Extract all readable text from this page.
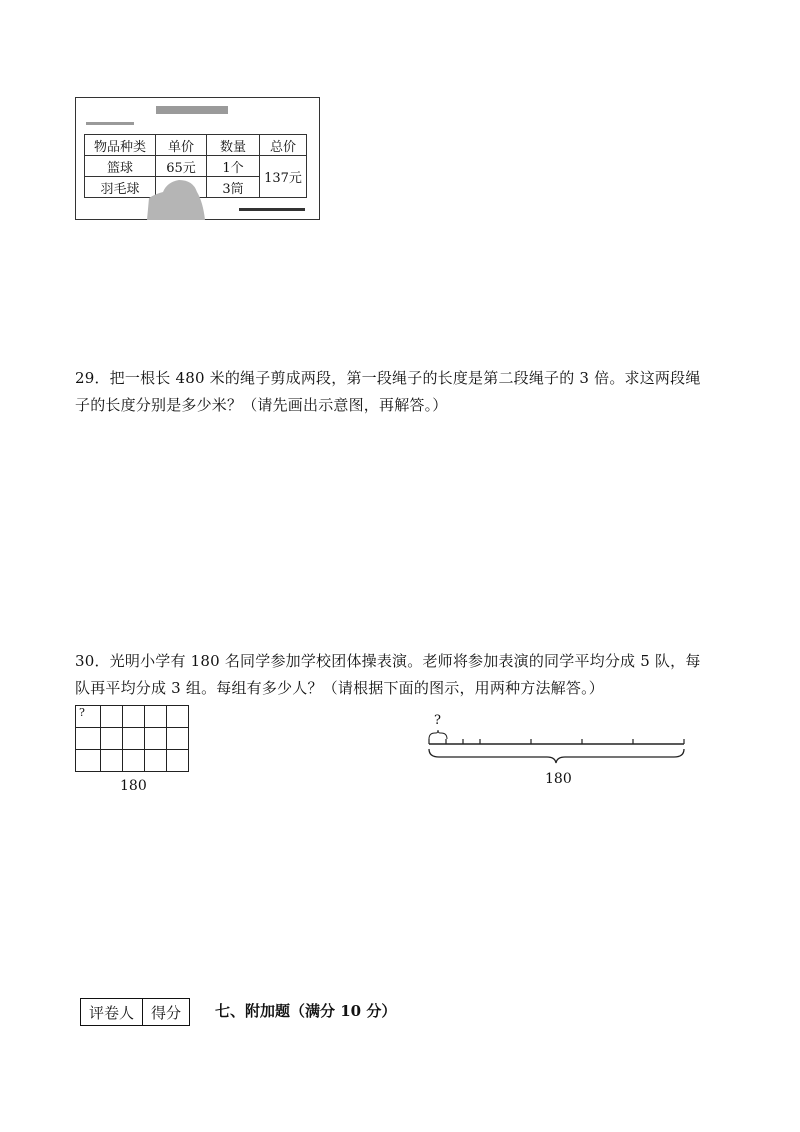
物品种类	单价	数量	总价
篮球	65元	1个	137元
羽毛球		3筒	
29．把一根长 480 米的绳子剪成两段，第一段绳子的长度是第二段绳子的 3 倍。求这两段绳
子的长度分别是多少米？（请先画出示意图，再解答。）
30．光明小学有 180 名同学参加学校团体操表演。老师将参加表演的同学平均分成 5 队，每
队再平均分成 3 组。每组有多少人？（请根据下面的图示，用两种方法解答。）
?				

180
?
180
评卷人	得分 七、附加题（满分 10 分）
